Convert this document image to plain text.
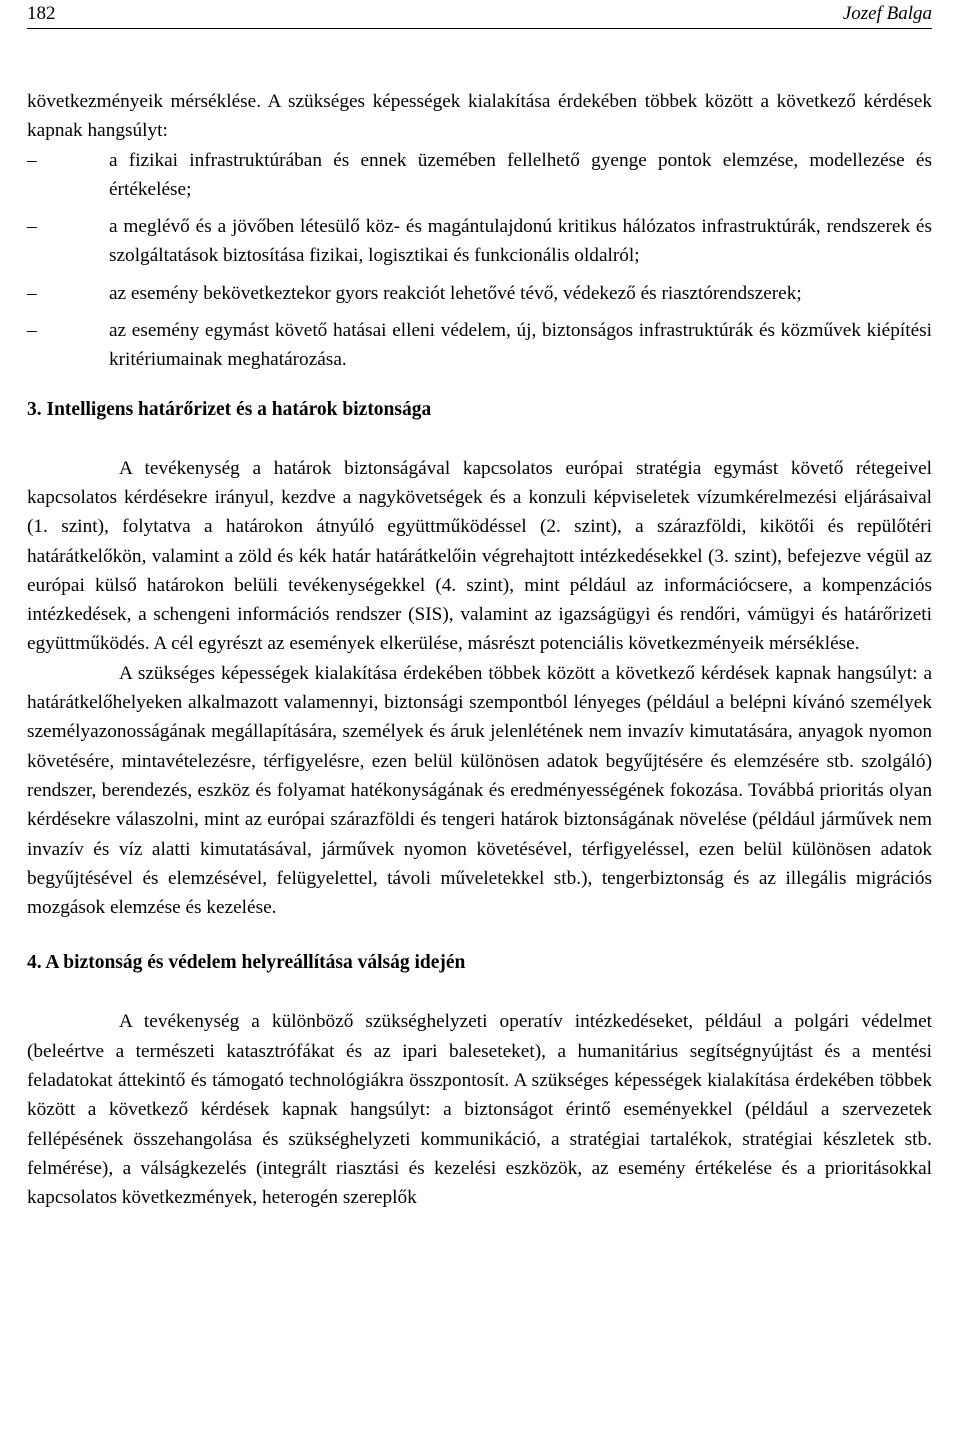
182	Jozef Balga

következményeik mérséklése. A szükséges képességek kialakítása érdekében többek között a következő kérdések kapnak hangsúlyt:

–	a fizikai infrastruktúrában és ennek üzemében fellelhető gyenge pontok elemzése, modellezése és értékelése;
–	a meglévő és a jövőben létesülő köz- és magántulajdonú kritikus hálózatos infrastruktúrák, rendszerek és szolgáltatások biztosítása fizikai, logisztikai és funkcionális oldalról;
–	az esemény bekövetkeztekor gyors reakciót lehetővé tévő, védekező és riasztórendszerek;
–	az esemény egymást követő hatásai elleni védelem, új, biztonságos infrastruktúrák és közművek kiépítési kritériumainak meghatározása.
3. Intelligens határőrizet és a határok biztonsága

A tevékenység a határok biztonságával kapcsolatos európai stratégia egymást követő rétegeivel kapcsolatos kérdésekre irányul, kezdve a nagykövetségek és a konzuli képviseletek vízumkérelmezési eljárásaival (1. szint), folytatva a határokon átnyúló együttműködéssel (2. szint), a szárazföldi, kikötői és repülőtéri határátkelőkön, valamint a zöld és kék határ határátkelőin végrehajtott intézkedésekkel (3. szint), befejezve végül az európai külső határokon belüli tevékenységekkel (4. szint), mint például az információcsere, a kompenzációs intézkedések, a schengeni információs rendszer (SIS), valamint az igazságügyi és rendőri, vámügyi és határőrizeti együttműködés. A cél egyrészt az események elkerülése, másrészt potenciális következményeik mérséklése.

A szükséges képességek kialakítása érdekében többek között a következő kérdések kapnak hangsúlyt: a határátkelőhelyeken alkalmazott valamennyi, biztonsági szempontból lényeges (például a belépni kívánó személyek személyazonosságának megállapítására, személyek és áruk jelenlétének nem invazív kimutatására, anyagok nyomon követésére, mintavételezésre, térfigyelésre, ezen belül különösen adatok begyűjtésére és elemzésére stb. szolgáló) rendszer, berendezés, eszköz és folyamat hatékonyságának és eredményességének fokozása. Továbbá prioritás olyan kérdésekre válaszolni, mint az európai szárazföldi és tengeri határok biztonságának növelése (például járművek nem invazív és víz alatti kimutatásával, járművek nyomon követésével, térfigyeléssel, ezen belül különösen adatok begyűjtésével és elemzésével, felügyelettel, távoli műveletekkel stb.), tengerbiztonság és az illegális migrációs mozgások elemzése és kezelése.

4. A biztonság és védelem helyreállítása válság idején

A tevékenység a különböző szükséghelyzeti operatív intézkedéseket, például a polgári védelmet (beleértve a természeti katasztrófákat és az ipari baleseteket), a humanitárius segítségnyújtást és a mentési feladatokat áttekintő és támogató technológiákra összpontosít. A szükséges képességek kialakítása érdekében többek között a következő kérdések kapnak hangsúlyt: a biztonságot érintő eseményekkel (például a szervezetek fellépésének összehangolása és szükséghelyzeti kommunikáció, a stratégiai tartalékok, stratégiai készletek stb. felmérése), a válságkezelés (integrált riasztási és kezelési eszközök, az esemény értékelése és a prioritásokkal kapcsolatos következmények, heterogén szereplők
